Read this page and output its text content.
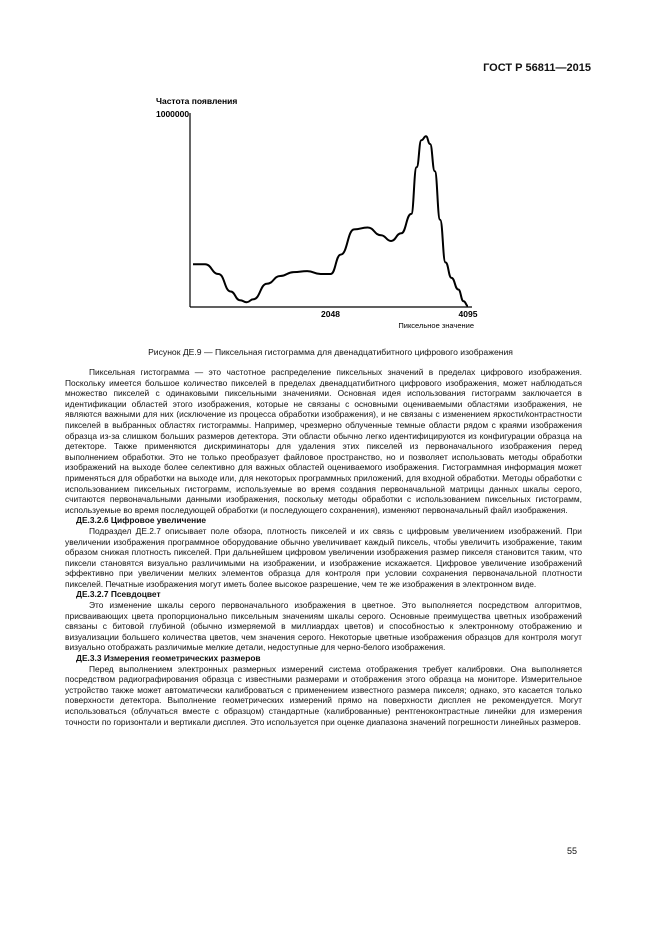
ГОСТ Р 56811—2015
Частота появления
1000000
2048	4095
Пиксельное значение
Рисунок ДЕ.9 — Пиксельная гистограмма для двенадцатибитного цифрового изображения

Пиксельная гистограмма — это частотное распределение пиксельных значений в пределах цифрового изображения. Поскольку имеется большое количество пикселей в пределах двенадцатибитного цифрового изображения, может наблюдаться множество пикселей с одинаковыми пиксельными значениями. Основная идея использования гистограмм заключается в идентификации областей этого изображения, которые не связаны с основными оцениваемыми областями изображения, не являются важными для них (исключение из процесса обработки изображения), и не связаны с изменением яркости/контрастности пикселей в выбранных областях гистограммы. Например, чрезмерно облученные темные области рядом с краями изображения образца из-за слишком больших размеров детектора. Эти области обычно легко идентифицируются из конфигурации образца на детекторе. Также применяются дискриминаторы для удаления этих пикселей из первоначального изображения перед выполнением обработки. Это не только преобразует файловое пространство, но и позволяет использовать методы обработки изображений на выходе более селективно для важных областей оцениваемого изображения. Гистограммная информация может применяться для обработки на выходе или, для некоторых программных приложений, для входной обработки. Методы обработки с использованием пиксельных гистограмм, используемые во время создания первоначальной матрицы данных шкалы серого, считаются первоначальными данными изображения, поскольку методы обработки с использованием пиксельных гистограмм, используемые во время последующей обработки (и последующего сохранения), изменяют первоначальный файл изображения.

ДЕ.3.2.6 Цифровое увеличение

Подраздел ДЕ.2.7 описывает поле обзора, плотность пикселей и их связь с цифровым увеличением изображений. При увеличении изображения программное оборудование обычно увеличивает каждый пиксель, чтобы увеличить изображение, таким образом снижая плотность пикселей. При дальнейшем цифровом увеличении изображения размер пикселя становится таким, что пиксели становятся визуально различимыми на изображении, и изображение искажается. Цифровое увеличение изображений эффективно при увеличении мелких элементов образца для контроля при условии сохранения первоначальной плотности пикселей. Печатные изображения могут иметь более высокое разрешение, чем те же изображения в электронном виде.

ДЕ.3.2.7 Псевдоцвет

Это изменение шкалы серого первоначального изображения в цветное. Это выполняется посредством алгоритмов, присваивающих цвета пропорционально пиксельным значениям шкалы серого. Основные преимущества цветных изображений связаны с битовой глубиной (обычно измеряемой в миллиардах цветов) и способностью к электронному отображению и визуализации большего количества цветов, чем значения серого. Некоторые цветные изображения образцов для контроля могут визуально отображать различимые мелкие детали, недоступные для черно-белого изображения.

ДЕ.3.3 Измерения геометрических размеров

Перед выполнением электронных размерных измерений система отображения требует калибровки. Она выполняется посредством радиографирования образца с известными размерами и отображения этого образца на мониторе. Измерительное устройство также может автоматически калиброваться с применением известного размера пикселя; однако, это касается только поверхности детектора. Выполнение геометрических измерений прямо на поверхности дисплея не рекомендуется. Могут использоваться (облучаться вместе с образцом) стандартные (калиброванные) рентгеноконтрастные линейки для измерения точности по горизонтали и вертикали дисплея. Это используется при оценке диапазона значений погрешности линейных размеров.

55
